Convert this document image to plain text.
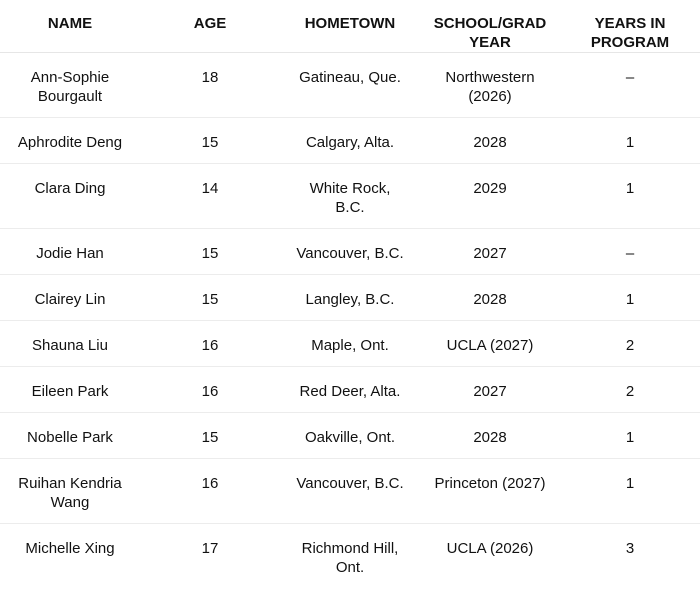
NAME	AGE	HOMETOWN	SCHOOL/GRAD YEAR	YEARS IN PROGRAM

Ann-Sophie Bourgault	18	Gatineau, Que.	Northwestern (2026)	–

Aphrodite Deng	15	Calgary, Alta.	2028	1

Clara Ding	14	White Rock, B.C.	2029	1

Jodie Han	15	Vancouver, B.C.	2027	–

Clairey Lin	15	Langley, B.C.	2028	1

Shauna Liu	16	Maple, Ont.	UCLA (2027)	2

Eileen Park	16	Red Deer, Alta.	2027	2

Nobelle Park	15	Oakville, Ont.	2028	1

Ruihan Kendria Wang	16	Vancouver, B.C.	Princeton (2027)	1

Michelle Xing	17	Richmond Hill, Ont.	UCLA (2026)	3
